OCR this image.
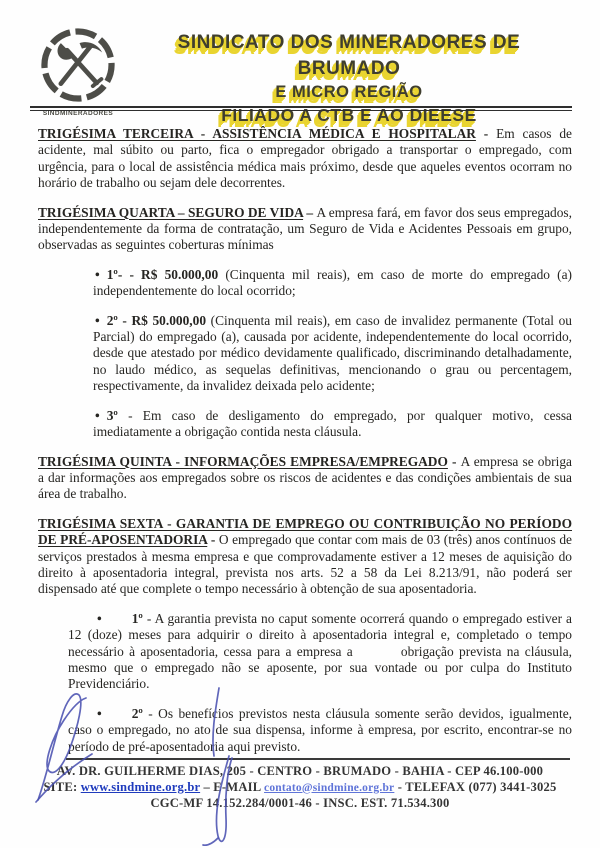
SINDMINERADORES
SINDICATO DOS MINERADORES DE BRUMADO
E MICRO REGIÃO
FILIADO A CTB E AO DIEESE

TRIGÉSIMA TERCEIRA - ASSISTÊNCIA MÉDICA E HOSPITALAR - Em casos de acidente, mal súbito ou parto, fica o empregador obrigado a transportar o empregado, com urgência, para o local de assistência médica mais próximo, desde que aqueles eventos ocorram no horário de trabalho ou sejam dele decorrentes.

TRIGÉSIMA QUARTA – SEGURO DE VIDA – A empresa fará, em favor dos seus empregados, independentemente da forma de contratação, um Seguro de Vida e Acidentes Pessoais em grupo, observadas as seguintes coberturas mínimas

• 1º- - R$ 50.000,00 (Cinquenta mil reais), em caso de morte do empregado (a) independentemente do local ocorrido;

• 2º - R$ 50.000,00 (Cinquenta mil reais), em caso de invalidez permanente (Total ou Parcial) do empregado (a), causada por acidente, independentemente do local ocorrido, desde que atestado por médico devidamente qualificado, discriminando detalhadamente, no laudo médico, as sequelas definitivas, mencionando o grau ou percentagem, respectivamente, da invalidez deixada pelo acidente;

• 3º - Em caso de desligamento do empregado, por qualquer motivo, cessa imediatamente a obrigação contida nesta cláusula.

TRIGÉSIMA QUINTA - INFORMAÇÕES EMPRESA/EMPREGADO - A empresa se obriga a dar informações aos empregados sobre os riscos de acidentes e das condições ambientais de sua área de trabalho.

TRIGÉSIMA SEXTA - GARANTIA DE EMPREGO OU CONTRIBUIÇÃO NO PERÍODO DE PRÉ-APOSENTADORIA - O empregado que contar com mais de 03 (três) anos contínuos de serviços prestados à mesma empresa e que comprovadamente estiver a 12 meses de aquisição do direito à aposentadoria integral, prevista nos arts. 52 a 58 da Lei 8.213/91, não poderá ser dispensado até que complete o tempo necessário à obtenção de sua aposentadoria.

• 1º - A garantia prevista no caput somente ocorrerá quando o empregado estiver a 12 (doze) meses para adquirir o direito à aposentadoria integral e, completado o tempo necessário à aposentadoria, cessa para a empresa a         obrigação prevista na cláusula, mesmo que o empregado não se aposente, por sua vontade ou por culpa do Instituto Previdenciário.

• 2º - Os benefícios previstos nesta cláusula somente serão devidos, igualmente, caso o empregado, no ato de sua dispensa, informe à empresa, por escrito, encontrar-se no período de pré-aposentadoria aqui previsto.

AV. DR. GUILHERME DIAS, 205 - CENTRO - BRUMADO - BAHIA - CEP 46.100-000
SITE: www.sindmine.org.br – E-MAIL contato@sindmine.org.br - TELEFAX (077) 3441-3025
CGC-MF 14.152.284/0001-46 - INSC. EST. 71.534.300
